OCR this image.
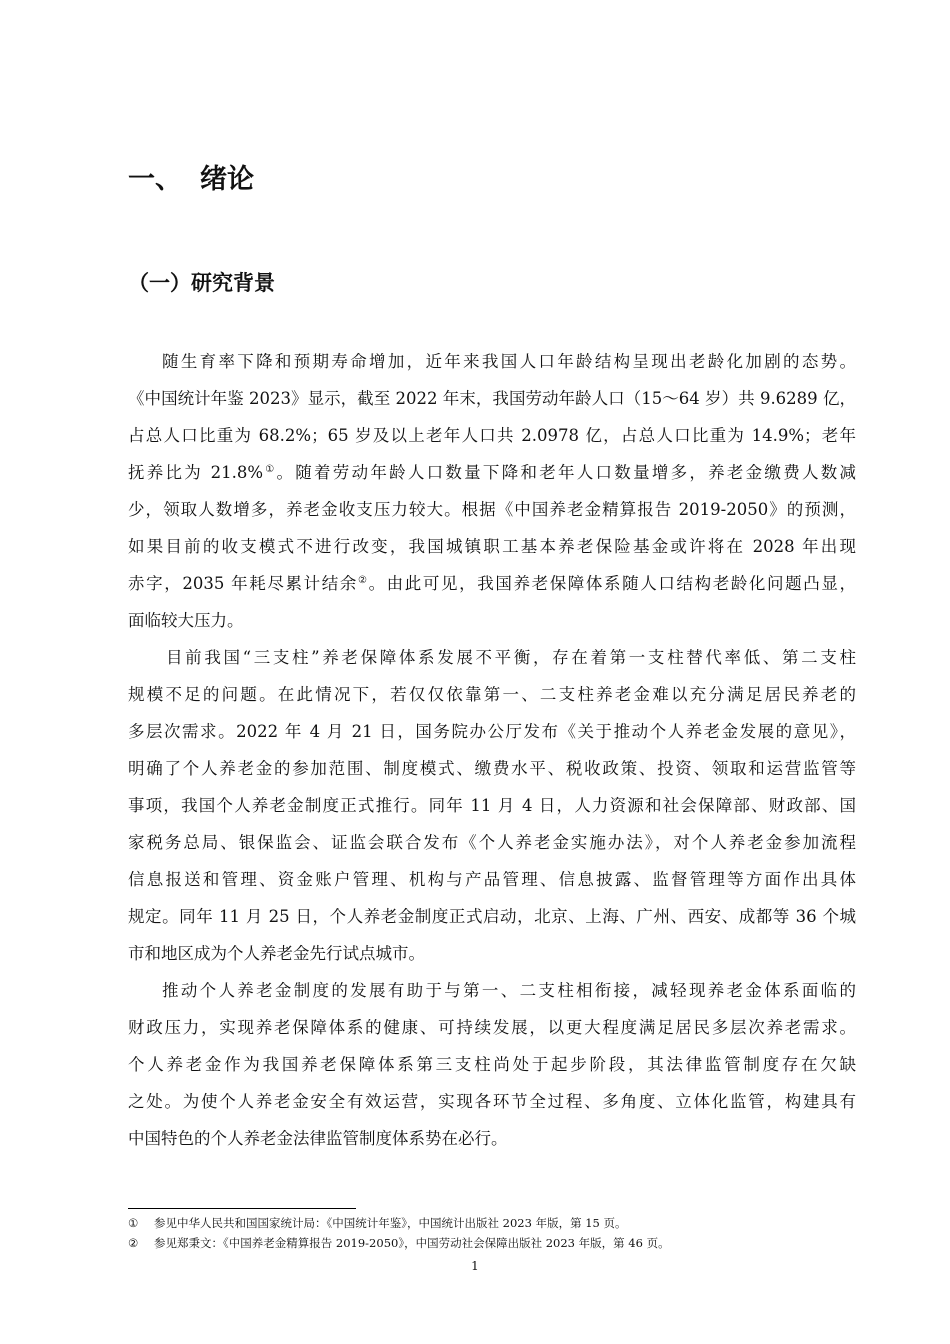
一、 绪论
（一）研究背景
随生育率下降和预期寿命增加，近年来我国人口年龄结构呈现出老龄化加剧的态势。
《中国统计年鉴 2023》显示，截至 2022 年末，我国劳动年龄人口（15～64 岁）共 9.6289 亿，
占总人口比重为 68.2%；65 岁及以上老年人口共 2.0978 亿，占总人口比重为 14.9%；老年
抚养比为 21.8%①。随着劳动年龄人口数量下降和老年人口数量增多，养老金缴费人数减
少，领取人数增多，养老金收支压力较大。根据《中国养老金精算报告 2019-2050》的预测，
如果目前的收支模式不进行改变，我国城镇职工基本养老保险基金或许将在 2028 年出现
赤字，2035 年耗尽累计结余②。由此可见，我国养老保障体系随人口结构老龄化问题凸显，
面临较大压力。
目前我国“三支柱”养老保障体系发展不平衡，存在着第一支柱替代率低、第二支柱
规模不足的问题。在此情况下，若仅仅依靠第一、二支柱养老金难以充分满足居民养老的
多层次需求。2022 年 4 月 21 日，国务院办公厅发布《关于推动个人养老金发展的意见》，
明确了个人养老金的参加范围、制度模式、缴费水平、税收政策、投资、领取和运营监管等
事项，我国个人养老金制度正式推行。同年 11 月 4 日，人力资源和社会保障部、财政部、国
家税务总局、银保监会、证监会联合发布《个人养老金实施办法》，对个人养老金参加流程
信息报送和管理、资金账户管理、机构与产品管理、信息披露、监督管理等方面作出具体
规定。同年 11 月 25 日，个人养老金制度正式启动，北京、上海、广州、西安、成都等 36 个城
市和地区成为个人养老金先行试点城市。
推动个人养老金制度的发展有助于与第一、二支柱相衔接，减轻现养老金体系面临的
财政压力，实现养老保障体系的健康、可持续发展，以更大程度满足居民多层次养老需求。
个人养老金作为我国养老保障体系第三支柱尚处于起步阶段，其法律监管制度存在欠缺
之处。为使个人养老金安全有效运营，实现各环节全过程、多角度、立体化监管，构建具有
中国特色的个人养老金法律监管制度体系势在必行。
① 参见中华人民共和国国家统计局：《中国统计年鉴》，中国统计出版社 2023 年版，第 15 页。
② 参见郑秉文：《中国养老金精算报告 2019-2050》，中国劳动社会保障出版社 2023 年版，第 46 页。
1
